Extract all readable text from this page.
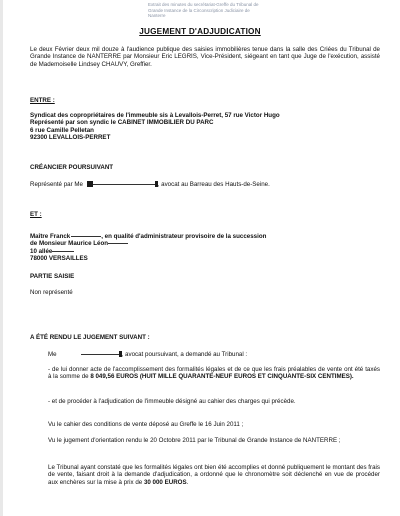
Extrait des minutes du secrétariat-Greffe du Tribunal de
Grande Instance de la Circonscription Judiciaire de
Nanterre
JUGEMENT D'ADJUDICATION
Le deux Février deux mil douze à l'audience publique des saisies immobilières tenue dans la salle des Criées du Tribunal de Grande Instance de NANTERRE par Monsieur Eric LEGRIS, Vice-Président, siégeant en tant que Juge de l'exécution, assisté de Mademoiselle Lindsey CHAUVY, Greffier.
ENTRE :
Syndicat des copropriétaires de l'immeuble sis à Levallois-Perret, 57 rue Victor Hugo
Représenté par son syndic le CABINET IMMOBILIER DU PARC
6 rue Camille Pelletan
92300 LEVALLOIS-PERRET
CRÉANCIER POURSUIVANT
Représenté par Me	, avocat au Barreau des Hauts-de-Seine.
ET :
Maître Franck	, en qualité d'administrateur provisoire de la succession
de Monsieur Maurice Léon
10 allée
78000 VERSAILLES
PARTIE SAISIE
Non représenté
A ÉTÉ RENDU LE JUGEMENT SUIVANT :
Me	, avocat poursuivant, a demandé au Tribunal :
- de lui donner acte de l'accomplissement des formalités légales et de ce que les frais préalables de vente ont été taxés à la somme de 8 049,56 EUROS (HUIT MILLE QUARANTE-NEUF EUROS ET CINQUANTE-SIX CENTIMES).
- et de procéder à l'adjudication de l'immeuble désigné au cahier des charges qui précède.
Vu le cahier des conditions de vente déposé au Greffe le 16 Juin 2011 ;
Vu le jugement d'orientation rendu le 20 Octobre 2011 par le Tribunal de Grande Instance de NANTERRE ;
Le Tribunal ayant constaté que les formalités légales ont bien été accomplies et donné publiquement le montant des frais de vente, faisant droit à la demande d'adjudication, a ordonné que le chronomètre soit déclenché en vue de procéder aux enchères sur la mise à prix de 30 000 EUROS.
